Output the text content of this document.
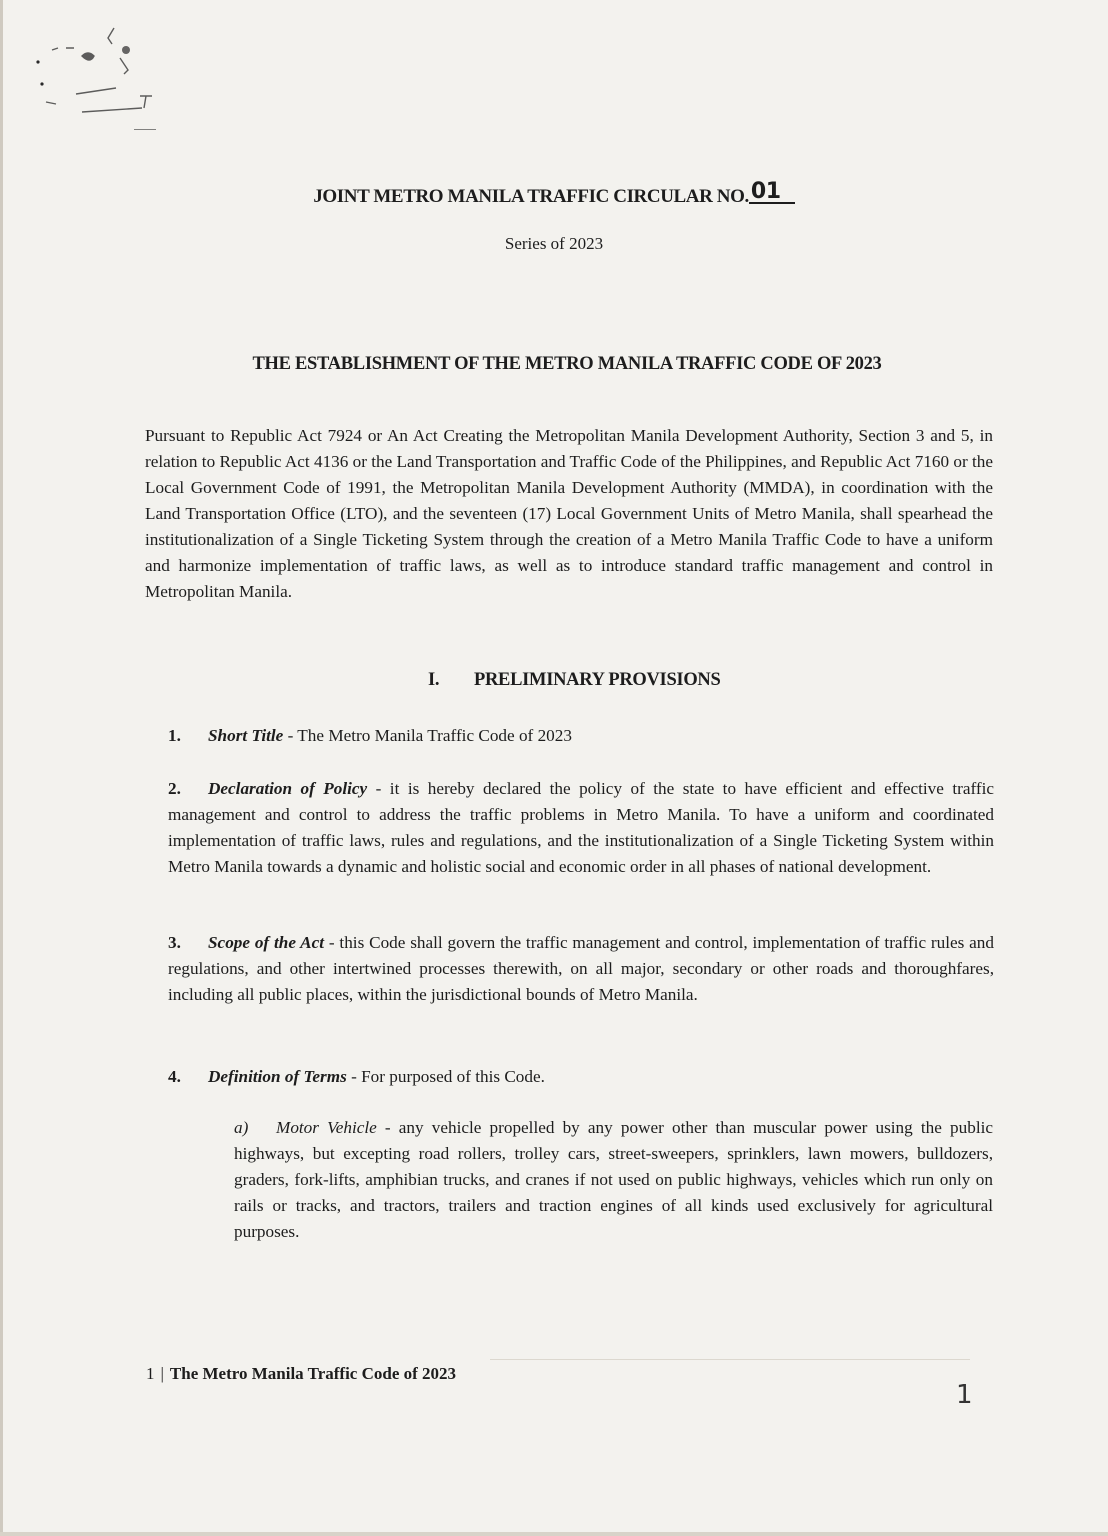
JOINT METRO MANILA TRAFFIC CIRCULAR NO.01
Series of 2023
THE ESTABLISHMENT OF THE METRO MANILA TRAFFIC CODE OF 2023

Pursuant to Republic Act 7924 or An Act Creating the Metropolitan Manila Development Authority, Section 3 and 5, in relation to Republic Act 4136 or the Land Transportation and Traffic Code of the Philippines, and Republic Act 7160 or the Local Government Code of 1991, the Metropolitan Manila Development Authority (MMDA), in coordination with the Land Transportation Office (LTO), and the seventeen (17) Local Government Units of Metro Manila, shall spearhead the institutionalization of a Single Ticketing System through the creation of a Metro Manila Traffic Code to have a uniform and harmonize implementation of traffic laws, as well as to introduce standard traffic management and control in Metropolitan Manila.

I. PRELIMINARY PROVISIONS

1. Short Title - The Metro Manila Traffic Code of 2023

2. Declaration of Policy - it is hereby declared the policy of the state to have efficient and effective traffic management and control to address the traffic problems in Metro Manila. To have a uniform and coordinated implementation of traffic laws, rules and regulations, and the institutionalization of a Single Ticketing System within Metro Manila towards a dynamic and holistic social and economic order in all phases of national development.

3. Scope of the Act - this Code shall govern the traffic management and control, implementation of traffic rules and regulations, and other intertwined processes therewith, on all major, secondary or other roads and thoroughfares, including all public places, within the jurisdictional bounds of Metro Manila.

4. Definition of Terms - For purposed of this Code.

a) Motor Vehicle - any vehicle propelled by any power other than muscular power using the public highways, but excepting road rollers, trolley cars, street-sweepers, sprinklers, lawn mowers, bulldozers, graders, fork-lifts, amphibian trucks, and cranes if not used on public highways, vehicles which run only on rails or tracks, and tractors, trailers and traction engines of all kinds used exclusively for agricultural purposes.

1 | The Metro Manila Traffic Code of 2023
1
